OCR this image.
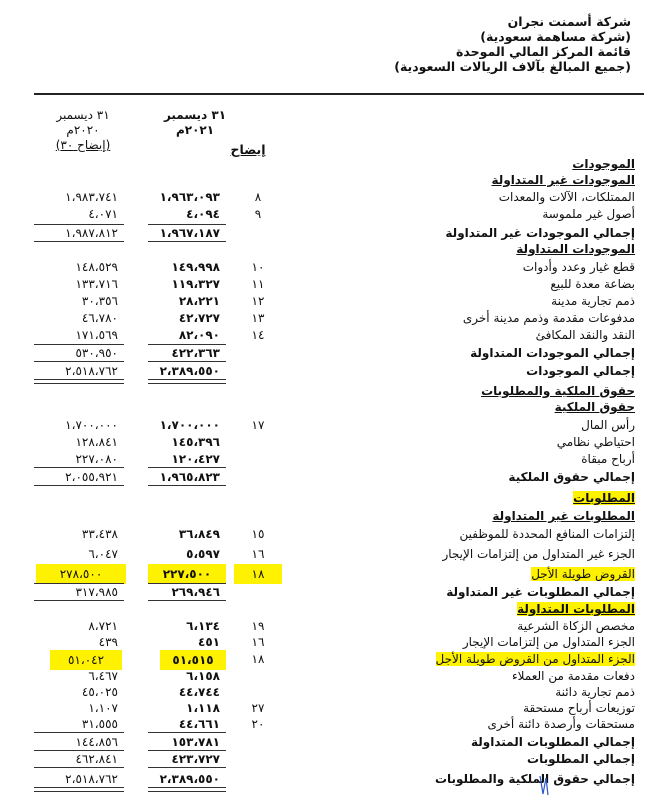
شركة أسمنت نجران
(شركة مساهمة سعودية)
قائمة المركز المالي الموحدة
(جميع المبالغ بآلاف الريالات السعودية)
٣١ ديسمبر
٢٠٢١م
٣١ ديسمبر
٢٠٢٠م
(إيضاح ٣٠)	إيضاح
الموجودات
الموجودات غير المتداولة
الممتلكات، الآلات والمعدات
أصول غير ملموسة
إجمالي الموجودات غير المتداولة
الموجودات المتداولة
قطع غيار وعدد وأدوات
بضاعة معدة للبيع
ذمم تجارية مدينة
مدفوعات مقدمة وذمم مدينة أخرى
النقد والنقد المكافئ
إجمالي الموجودات المتداولة
إجمالي الموجودات
حقوق الملكية والمطلوبات
حقوق الملكية
رأس المال
احتياطي نظامي
أرباح مبقاة
إجمالي حقوق الملكية
المطلوبات
المطلوبات غير المتداولة
إلتزامات المنافع المحددة للموظفين
الجزء غير المتداول من إلتزامات الإيجار
القروض طويلة الأجل
إجمالي المطلوبات غير المتداولة
المطلوبات المتداولة
مخصص الزكاة الشرعية
الجزء المتداول من إلتزامات الإيجار
الجزء المتداول من القروض طويلة الأجل
دفعات مقدمة من العملاء
ذمم تجارية دائنة
توزيعات أرباح مستحقة
مستحقات وأرصدة دائنة أخرى
إجمالي المطلوبات المتداولة
إجمالي المطلوبات
إجمالي حقوق الملكية والمطلوبات
٨
٩
١٠
١١
١٢
١٣
١٤
١٧
١٥
١٦
١٨
١٩
١٦
١٨
٢٧
٢٠
١،٩٦٣،٠٩٣
٤،٠٩٤
١،٩٦٧،١٨٧
١٤٩،٩٩٨
١١٩،٣٢٧
٢٨،٢٢١
٤٢،٧٢٧
٨٢،٠٩٠
٤٢٢،٣٦٣
٢،٣٨٩،٥٥٠
١،٧٠٠،٠٠٠
١٤٥،٣٩٦
١٢٠،٤٢٧
١،٩٦٥،٨٢٣
٣٦،٨٤٩
٥،٥٩٧
٢٢٧،٥٠٠
٢٦٩،٩٤٦
٦،١٣٤
٤٥١
٥١،٥١٥
٦،١٥٨
٤٤،٧٤٤
١،١١٨
٤٤،٦٦١
١٥٣،٧٨١
٤٢٣،٧٢٧
٢،٣٨٩،٥٥٠
١،٩٨٣،٧٤١
٤،٠٧١
١،٩٨٧،٨١٢
١٤٨،٥٢٩
١٣٣،٧١٦
٣٠،٣٥٦
٤٦،٧٨٠
١٧١،٥٦٩
٥٣٠،٩٥٠
٢،٥١٨،٧٦٢
١،٧٠٠،٠٠٠
١٢٨،٨٤١
٢٢٧،٠٨٠
٢،٠٥٥،٩٢١
٣٣،٤٣٨
٦،٠٤٧
٢٧٨،٥٠٠
٣١٧،٩٨٥
٨،٧٢١
٤٣٩
٥١،٠٤٢
٦،٤٦٧
٤٥،٠٢٥
١،١٠٧
٣١،٥٥٥
١٤٤،٨٥٦
٤٦٢،٨٤١
٢،٥١٨،٧٦٢
